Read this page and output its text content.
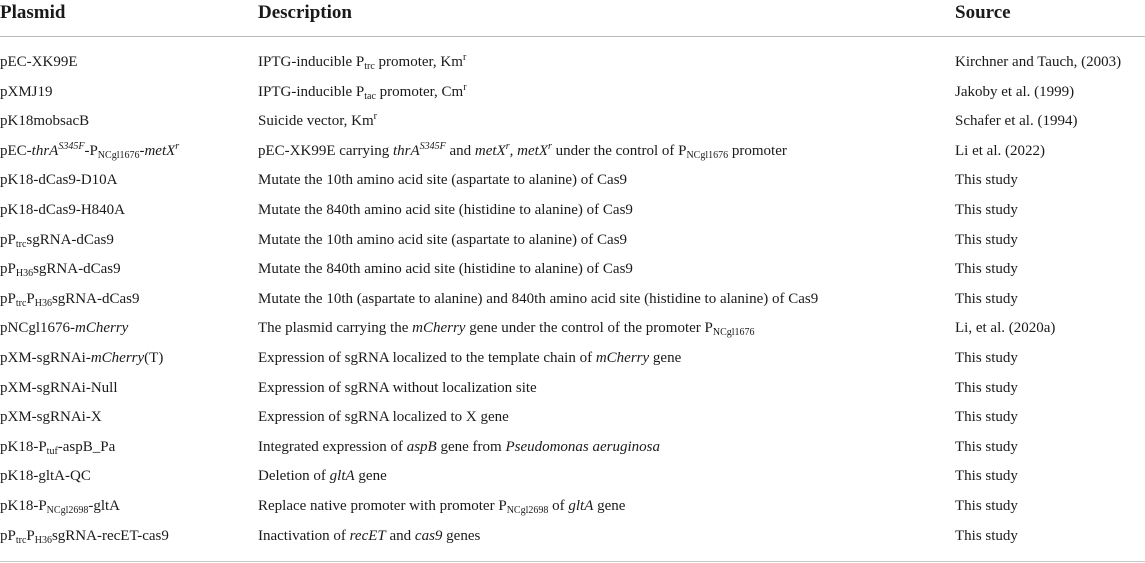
Plasmid	Description	Source
pEC-XK99E	IPTG-inducible $P_{trc}$ promoter, Km$^r$	Kirchner and Tauch, (2003)
pXMJ19	IPTG-inducible $P_{tac}$ promoter, Cm$^r$	Jakoby et al. (1999)
pK18mobsacB	Suicide vector, Km$^r$	Schafer et al. (1994)
pEC-$thrA^{S345F}-P_{NCgl1676}-metX^r$	pEC-XK99E carrying thrA$^{S345F}$ and metX$^r$, metX$^r$ under the control of $P_{NCgl1676}$ promoter	Li et al. (2022)
pK18-dCas9-D10A	Mutate the 10th amino acid site (aspartate to alanine) of Cas9	This study
pK18-dCas9-H840A	Mutate the 840th amino acid site (histidine to alanine) of Cas9	This study
$pP_{trc}sgRNA-dCas9$	Mutate the 10th amino acid site (aspartate to alanine) of Cas9	This study
$pP_{H36}sgRNA-dCas9$	Mutate the 840th amino acid site (histidine to alanine) of Cas9	This study
$pP_{trc}P_{H36}sgRNA-dCas9$	Mutate the 10th (aspartate to alanine) and 840th amino acid site (histidine to alanine) of Cas9	This study
pNCgl1676-mCherry	The plasmid carrying the mCherry gene under the control of the promoter $P_{NCgl1676}$	Li, et al. (2020a)
pXM-sgRNAi-mCherry(T)	Expression of sgRNA localized to the template chain of mCherry gene	This study
pXM-sgRNAi-Null	Expression of sgRNA without localization site	This study
pXM-sgRNAi-X	Expression of sgRNA localized to X gene	This study
$pK18-P_{tuf}-aspB\_Pa$	Integrated expression of aspB gene from Pseudomonas aeruginosa	This study
pK18-gltA-QC	Deletion of gltA gene	This study
$pK18-P_{NCgl2698}$-gltA	Replace native promoter with promoter $P_{NCgl2698}$ of gltA gene	This study
$pP_{trc}P_{H36}sgRNA-recET-cas9$	Inactivation of recET and cas9 genes	This study
